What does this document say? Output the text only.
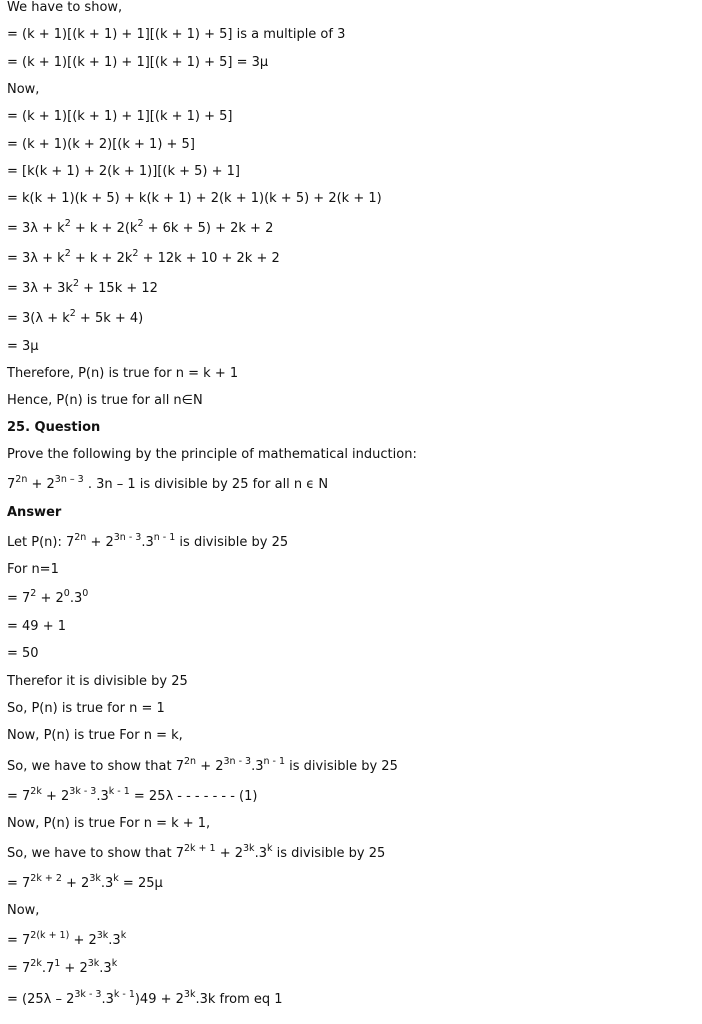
We have to show,

= (k + 1)[(k + 1) + 1][(k + 1) + 5] is a multiple of 3

= (k + 1)[(k + 1) + 1][(k + 1) + 5] = 3μ

Now,

= (k + 1)[(k + 1) + 1][(k + 1) + 5]

= (k + 1)(k + 2)[(k + 1) + 5]

= [k(k + 1) + 2(k + 1)][(k + 5) + 1]

= k(k + 1)(k + 5) + k(k + 1) + 2(k + 1)(k + 5) + 2(k + 1)

= $3\lambda + k^2 + k + 2(k^2 + 6k + 5) + 2k + 2$

= $3\lambda + k^2 + k + 2k^2 + 12k + 10 + 2k + 2$

= $3\lambda + 3k^2 + 15k + 12$

= $3(\lambda + k^2 + 5k + 4)$

= 3μ

Therefore, P(n) is true for n = k + 1

Hence, P(n) is true for all n∈N

25. Question

Prove the following by the principle of mathematical induction:

$7^{2n} + 2^{3n - 3}$ . 3n – 1 is divisible by 25 for all n ϵ N

Answer

Let P(n): $7^{2n} + 2^{3n - 3}.3^{n - 1}$ is divisible by 25

For n=1

= $7^2 + 2^0.3^0$

= 49 + 1

= 50

Therefor it is divisible by 25

So, P(n) is true for n = 1

Now, P(n) is true For n = k,

So, we have to show that $7^{2n} + 2^{3n - 3}.3^{n - 1}$ is divisible by 25

= $7^{2k} + 2^{3k - 3}.3^{k - 1} = 25\lambda$ - - - - - - - (1)

Now, P(n) is true For n = k + 1,

So, we have to show that $7^{2k + 1} + 2^{3k}.3^k$ is divisible by 25

= $7^{2k + 2} + 2^{3k}.3^k = 25\mu$

Now,

= $7^{2(k + 1)} + 2^{3k}.3^k$

= $7^{2k}.7^1 + 2^{3k}.3^k$

= $(25\lambda - 2^{3k - 3}.3^{k - 1})49 + 2^{3k}.3k$ from eq 1
